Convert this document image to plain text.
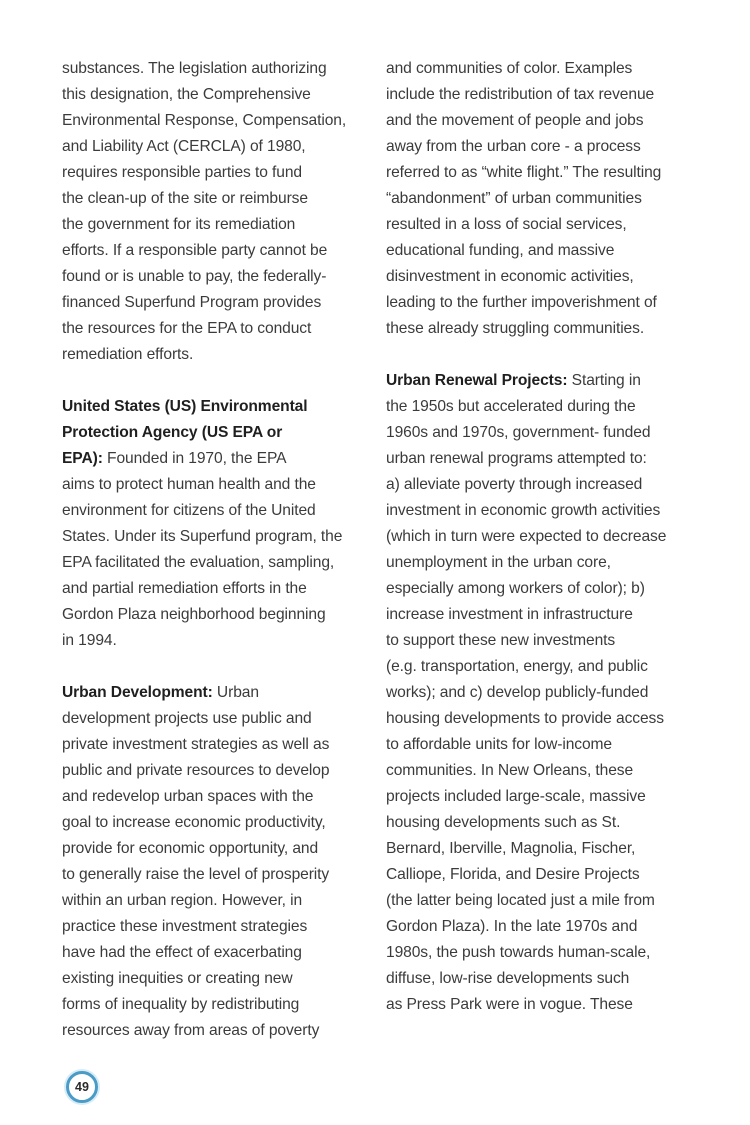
substances. The legislation authorizing
this designation, the Comprehensive
Environmental Response, Compensation,
and Liability Act (CERCLA) of 1980,
requires responsible parties to fund
the clean-up of the site or reimburse
the government for its remediation
efforts. If a responsible party cannot be
found or is unable to pay, the federally-
financed Superfund Program provides
the resources for the EPA to conduct
remediation efforts.
United States (US) Environmental
Protection Agency (US EPA or
EPA): Founded in 1970, the EPA
aims to protect human health and the
environment for citizens of the United
States. Under its Superfund program, the
EPA facilitated the evaluation, sampling,
and partial remediation efforts in the
Gordon Plaza neighborhood beginning
in 1994.
Urban Development: Urban
development projects use public and
private investment strategies as well as
public and private resources to develop
and redevelop urban spaces with the
goal to increase economic productivity,
provide for economic opportunity, and
to generally raise the level of prosperity
within an urban region. However, in
practice these investment strategies
have had the effect of exacerbating
existing inequities or creating new
forms of inequality by redistributing
resources away from areas of poverty
and communities of color. Examples
include the redistribution of tax revenue
and the movement of people and jobs
away from the urban core - a process
referred to as “white flight.” The resulting
“abandonment” of urban communities
resulted in a loss of social services,
educational funding, and massive
disinvestment in economic activities,
leading to the further impoverishment of
these already struggling communities.
Urban Renewal Projects: Starting in
the 1950s but accelerated during the
1960s and 1970s, government- funded
urban renewal programs attempted to:
a) alleviate poverty through increased
investment in economic growth activities
(which in turn were expected to decrease
unemployment in the urban core,
especially among workers of color); b)
increase investment in infrastructure
to support these new investments
(e.g. transportation, energy, and public
works); and c) develop publicly-funded
housing developments to provide access
to affordable units for low-income
communities. In New Orleans, these
projects included large-scale, massive
housing developments such as St.
Bernard, Iberville, Magnolia, Fischer,
Calliope, Florida, and Desire Projects
(the latter being located just a mile from
Gordon Plaza). In the late 1970s and
1980s, the push towards human-scale,
diffuse, low-rise developments such
as Press Park were in vogue. These
49
